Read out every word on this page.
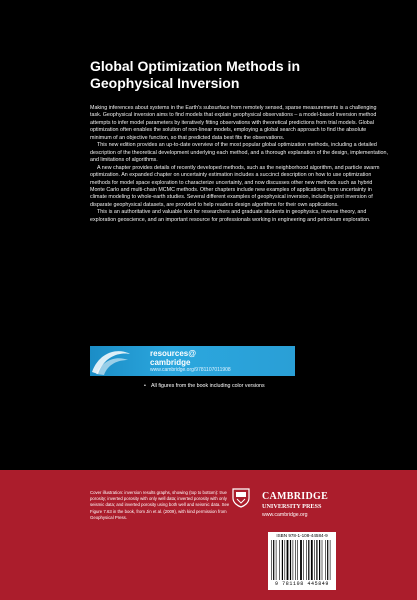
Global Optimization Methods in
Geophysical Inversion

Making inferences about systems in the Earth's subsurface from remotely sensed, sparse measurements is a challenging task. Geophysical inversion aims to find models that explain geophysical observations – a model-based inversion method attempts to infer model parameters by iteratively fitting observations with theoretical predictions from trial models. Global optimization often enables the solution of non-linear models, employing a global search approach to find the absolute minimum of an objective function, so that predicted data best fits the observations.

This new edition provides an up-to-date overview of the most popular global optimization methods, including a detailed description of the theoretical development underlying each method, and a thorough explanation of the design, implementation, and limitations of algorithms.

A new chapter provides details of recently developed methods, such as the neighborhood algorithm, and particle swarm optimization. An expanded chapter on uncertainty estimation includes a succinct description on how to use optimization methods for model space exploration to characterize uncertainty, and now discusses other new methods such as hybrid Monte Carlo and multi-chain MCMC methods. Other chapters include new examples of applications, from uncertainty in climate modeling to whole-earth studies. Several different examples of geophysical inversion, including joint inversion of disparate geophysical datasets, are provided to help readers design algorithms for their own applications.

This is an authoritative and valuable text for researchers and graduate students in geophysics, inverse theory, and exploration geoscience, and an important resource for professionals working in engineering and petroleum exploration.

resources@
cambridge
www.cambridge.org/9781107011908
• All figures from the book including color versions
Cover illustration: inversion results graphs, showing (top to bottom): true porosity; inverted porosity with only well data; inverted porosity with only seismic data; and inverted porosity using both well and seismic data. See Figure 7.63 in the book, from Jin et al. (2009), with kind permission from Geophysical Press.
CAMBRIDGE
UNIVERSITY PRESS
www.cambridge.org
ISBN 978-1-108-44584-9
9 781108 445849
